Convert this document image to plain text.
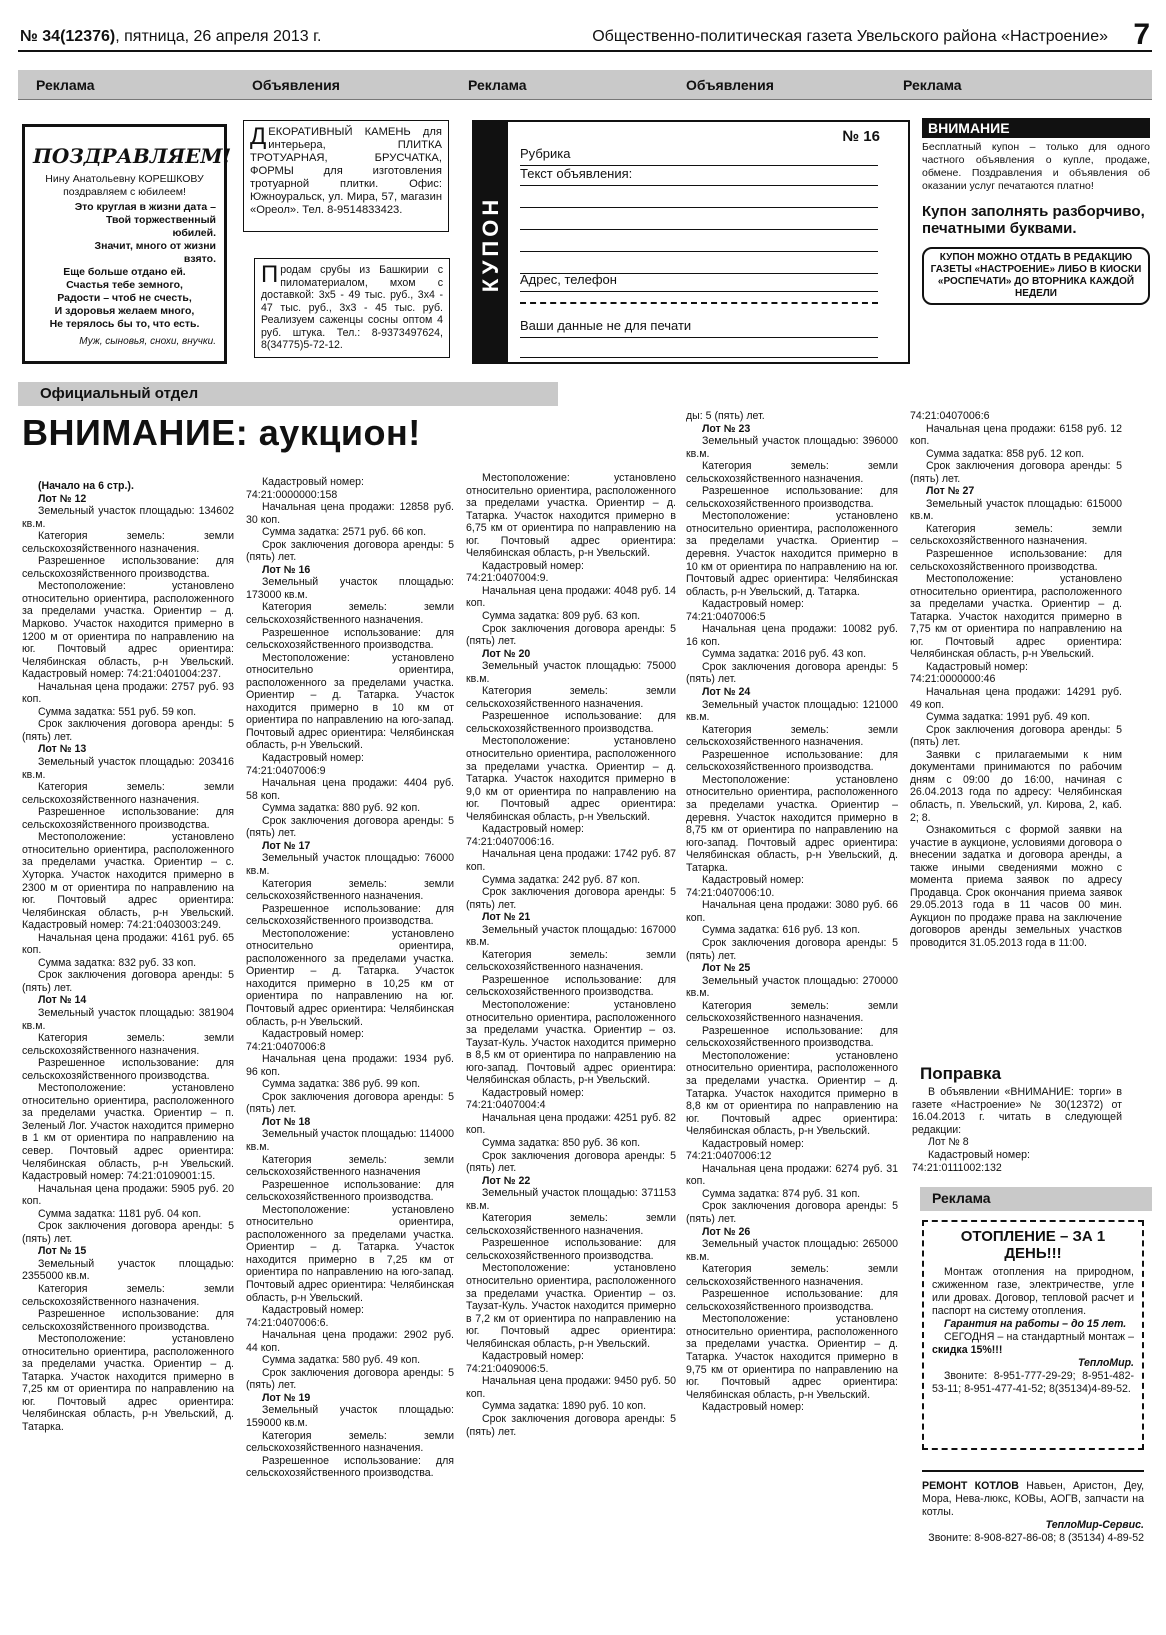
№ 34(12376), пятница, 26 апреля 2013 г.	Общественно-политическая газета Увельского района «Настроение» 7
Реклама	Объявления	Реклама	Объявления	Реклама
ПОЗДРАВЛЯЕМ!

Нину Анатольевну КОРЕШКОВУ поздравляем с юбилеем!

Это круглая в жизни дата –

Твой торжественный

юбилей.

Значит, много от жизни

взято.

Еще больше отдано ей.

Счастья тебе земного,

Радости – чтоб не счесть,

И здоровья желаем много,

Не терялось бы то, что есть.

Муж, сыновья, снохи, внучки.

ДЕКОРАТИВНЫЙ КАМЕНЬ для интерьера, ПЛИТКА ТРОТУАРНАЯ, БРУСЧАТКА, ФОРМЫ для изготовления тротуарной плитки. Офис: Южноуральск, ул. Мира, 57, магазин «Ореол». Тел. 8-9514833423.
Продам срубы из Башкирии с пиломатериалом, мхом с доставкой: 3х5 - 49 тыс. руб., 3х4 - 47 тыс. руб., 3х3 - 45 тыс. руб. Реализуем саженцы сосны оптом 4 руб. штука. Тел.: 8-9373497624, 8(34775)5-72-12.
КУПОН
№ 16
Рубрика
Текст объявления:
Адрес, телефон
Ваши данные не для печати
ВНИМАНИЕ

Бесплатный купон – только для одного частного объявления о купле, продаже, обмене. Поздравления и объявления об оказании услуг печатаются платно!

Купон заполнять разборчиво, печатными буквами.

КУПОН МОЖНО ОТДАТЬ В РЕДАКЦИЮ ГАЗЕТЫ «НАСТРОЕНИЕ» ЛИБО В КИОСКИ «РОСПЕЧАТИ» ДО ВТОРНИКА КАЖДОЙ НЕДЕЛИ
Официальный отдел
ВНИМАНИЕ: аукцион!

(Начало на 6 стр.).

Лот № 12

Земельный участок площадью: 134602 кв.м.

Категория земель: земли сельскохозяйственного назначения.

Разрешенное использование: для сельскохозяйственного производства.

Местоположение: установлено относительно ориентира, расположенного за пределами участка. Ориентир – д. Марково. Участок находится примерно в 1200 м от ориентира по направлению на юг. Почтовый адрес ориентира: Челябинская область, р-н Увельский. Кадастровый номер: 74:21:0401004:237.

Начальная цена продажи: 2757 руб. 93 коп.

Сумма задатка: 551 руб. 59 коп.

Срок заключения договора аренды: 5 (пять) лет.

Лот № 13

Земельный участок площадью: 203416 кв.м.

Категория земель: земли сельскохозяйственного назначения.

Разрешенное использование: для сельскохозяйственного производства.

Местоположение: установлено относительно ориентира, расположенного за пределами участка. Ориентир – с. Хуторка. Участок находится примерно в 2300 м от ориентира по направлению на юг. Почтовый адрес ориентира: Челябинская область, р-н Увельский. Кадастровый номер: 74:21:0403003:249.

Начальная цена продажи: 4161 руб. 65 коп.

Сумма задатка: 832 руб. 33 коп.

Срок заключения договора аренды: 5 (пять) лет.

Лот № 14

Земельный участок площадью: 381904 кв.м.

Категория земель: земли сельскохозяйственного назначения.

Разрешенное использование: для сельскохозяйственного производства.

Местоположение: установлено относительно ориентира, расположенного за пределами участка. Ориентир – п. Зеленый Лог. Участок находится примерно в 1 км от ориентира по направлению на север. Почтовый адрес ориентира: Челябинская область, р-н Увельский. Кадастровый номер: 74:21:0109001:15.

Начальная цена продажи: 5905 руб. 20 коп.

Сумма задатка: 1181 руб. 04 коп.

Срок заключения договора аренды: 5 (пять) лет.

Лот № 15

Земельный участок площадью: 2355000 кв.м.

Категория земель: земли сельскохозяйственного назначения.

Разрешенное использование: для сельскохозяйственного производства.

Местоположение: установлено относительно ориентира, расположенного за пределами участка. Ориентир – д. Татарка. Участок находится примерно в 7,25 км от ориентира по направлению на юг. Почтовый адрес ориентира: Челябинская область, р-н Увельский, д. Татарка.

Кадастровый номер:

74:21:0000000:158

Начальная цена продажи: 12858 руб. 30 коп.

Сумма задатка: 2571 руб. 66 коп.

Срок заключения договора аренды: 5 (пять) лет.

Лот № 16

Земельный участок площадью: 173000 кв.м.

Категория земель: земли сельскохозяйственного назначения.

Разрешенное использование: для сельскохозяйственного производства.

Местоположение: установлено относительно ориентира, расположенного за пределами участка. Ориентир – д. Татарка. Участок находится примерно в 10 км от ориентира по направлению на юго-запад. Почтовый адрес ориентира: Челябинская область, р-н Увельский.

Кадастровый номер:

74:21:0407006:9

Начальная цена продажи: 4404 руб. 58 коп.

Сумма задатка: 880 руб. 92 коп.

Срок заключения договора аренды: 5 (пять) лет.

Лот № 17

Земельный участок площадью: 76000 кв.м.

Категория земель: земли сельскохозяйственного назначения.

Разрешенное использование: для сельскохозяйственного производства.

Местоположение: установлено относительно ориентира, расположенного за пределами участка. Ориентир – д. Татарка. Участок находится примерно в 10,25 км от ориентира по направлению на юг. Почтовый адрес ориентира: Челябинская область, р-н Увельский.

Кадастровый номер:

74:21:0407006:8

Начальная цена продажи: 1934 руб. 96 коп.

Сумма задатка: 386 руб. 99 коп.

Срок заключения договора аренды: 5 (пять) лет.

Лот № 18

Земельный участок площадью: 114000 кв.м.

Категория земель: земли сельскохозяйственного назначения

Разрешенное использование: для сельскохозяйственного производства.

Местоположение: установлено относительно ориентира, расположенного за пределами участка. Ориентир – д. Татарка. Участок находится примерно в 7,25 км от ориентира по направлению на юго-запад. Почтовый адрес ориентира: Челябинская область, р-н Увельский.

Кадастровый номер:

74:21:0407006:6.

Начальная цена продажи: 2902 руб. 44 коп.

Сумма задатка: 580 руб. 49 коп.

Срок заключения договора аренды: 5 (пять) лет.

Лот № 19

Земельный участок площадью: 159000 кв.м.

Категория земель: земли сельскохозяйственного назначения.

Разрешенное использование: для сельскохозяйственного производства.

Местоположение: установлено относительно ориентира, расположенного за пределами участка. Ориентир – д. Татарка. Участок находится примерно в 6,75 км от ориентира по направлению на юг. Почтовый адрес ориентира: Челябинская область, р-н Увельский.

Кадастровый номер:

74:21:0407004:9.

Начальная цена продажи: 4048 руб. 14 коп.

Сумма задатка: 809 руб. 63 коп.

Срок заключения договора аренды: 5 (пять) лет.

Лот № 20

Земельный участок площадью: 75000 кв.м.

Категория земель: земли сельскохозяйственного назначения.

Разрешенное использование: для сельскохозяйственного производства.

Местоположение: установлено относительно ориентира, расположенного за пределами участка. Ориентир – д. Татарка. Участок находится примерно в 9,0 км от ориентира по направлению на юг. Почтовый адрес ориентира: Челябинская область, р-н Увельский.

Кадастровый номер:

74:21:0407006:16.

Начальная цена продажи: 1742 руб. 87 коп.

Сумма задатка: 242 руб. 87 коп.

Срок заключения договора аренды: 5 (пять) лет.

Лот № 21

Земельный участок площадью: 167000 кв.м.

Категория земель: земли сельскохозяйственного назначения.

Разрешенное использование: для сельскохозяйственного производства.

Местоположение: установлено относительно ориентира, расположенного за пределами участка. Ориентир – оз. Таузат-Куль. Участок находится примерно в 8,5 км от ориентира по направлению на юго-запад. Почтовый адрес ориентира: Челябинская область, р-н Увельский.

Кадастровый номер:

74:21:0407004:4

Начальная цена продажи: 4251 руб. 82 коп.

Сумма задатка: 850 руб. 36 коп.

Срок заключения договора аренды: 5 (пять) лет.

Лот № 22

Земельный участок площадью: 371153 кв.м.

Категория земель: земли сельскохозяйственного назначения.

Разрешенное использование: для сельскохозяйственного производства.

Местоположение: установлено относительно ориентира, расположенного за пределами участка. Ориентир – оз. Таузат-Куль. Участок находится примерно в 7,2 км от ориентира по направлению на юг. Почтовый адрес ориентира: Челябинская область, р-н Увельский.

Кадастровый номер:

74:21:0409006:5.

Начальная цена продажи: 9450 руб. 50 коп.

Сумма задатка: 1890 руб. 10 коп.

Срок заключения договора аренды: 5 (пять) лет.

ды: 5 (пять) лет.

Лот № 23

Земельный участок площадью: 396000 кв.м.

Категория земель: земли сельскохозяйственного назначения.

Разрешенное использование: для сельскохозяйственного производства.

Местоположение: установлено относительно ориентира, расположенного за пределами участка. Ориентир – деревня. Участок находится примерно в 10 км от ориентира по направлению на юг. Почтовый адрес ориентира: Челябинская область, р-н Увельский, д. Татарка.

Кадастровый номер:

74:21:0407006:5

Начальная цена продажи: 10082 руб. 16 коп.

Сумма задатка: 2016 руб. 43 коп.

Срок заключения договора аренды: 5 (пять) лет.

Лот № 24

Земельный участок площадью: 121000 кв.м.

Категория земель: земли сельскохозяйственного назначения.

Разрешенное использование: для сельскохозяйственного производства.

Местоположение: установлено относительно ориентира, расположенного за пределами участка. Ориентир – деревня. Участок находится примерно в 8,75 км от ориентира по направлению на юго-запад. Почтовый адрес ориентира: Челябинская область, р-н Увельский, д. Татарка.

Кадастровый номер:

74:21:0407006:10.

Начальная цена продажи: 3080 руб. 66 коп.

Сумма задатка: 616 руб. 13 коп.

Срок заключения договора аренды: 5 (пять) лет.

Лот № 25

Земельный участок площадью: 270000 кв.м.

Категория земель: земли сельскохозяйственного назначения.

Разрешенное использование: для сельскохозяйственного производства.

Местоположение: установлено относительно ориентира, расположенного за пределами участка. Ориентир – д. Татарка. Участок находится примерно в 8,8 км от ориентира по направлению на юг. Почтовый адрес ориентира: Челябинская область, р-н Увельский.

Кадастровый номер:

74:21:0407006:12

Начальная цена продажи: 6274 руб. 31 коп.

Сумма задатка: 874 руб. 31 коп.

Срок заключения договора аренды: 5 (пять) лет.

Лот № 26

Земельный участок площадью: 265000 кв.м.

Категория земель: земли сельскохозяйственного назначения.

Разрешенное использование: для сельскохозяйственного производства.

Местоположение: установлено относительно ориентира, расположенного за пределами участка. Ориентир – д. Татарка. Участок находится примерно в 9,75 км от ориентира по направлению на юг. Почтовый адрес ориентира: Челябинская область, р-н Увельский.

Кадастровый номер:

74:21:0407006:6

Начальная цена продажи: 6158 руб. 12 коп.

Сумма задатка: 858 руб. 12 коп.

Срок заключения договора аренды: 5 (пять) лет.

Лот № 27

Земельный участок площадью: 615000 кв.м.

Категория земель: земли сельскохозяйственного назначения.

Разрешенное использование: для сельскохозяйственного производства.

Местоположение: установлено относительно ориентира, расположенного за пределами участка. Ориентир – д. Татарка. Участок находится примерно в 7,75 км от ориентира по направлению на юг. Почтовый адрес ориентира: Челябинская область, р-н Увельский.

Кадастровый номер:

74:21:0000000:46

Начальная цена продажи: 14291 руб. 49 коп.

Сумма задатка: 1991 руб. 49 коп.

Срок заключения договора аренды: 5 (пять) лет.

Заявки с прилагаемыми к ним документами принимаются по рабочим дням с 09:00 до 16:00, начиная с 26.04.2013 года по адресу: Челябинская область, п. Увельский, ул. Кирова, 2, каб. 2; 8.

Ознакомиться с формой заявки на участие в аукционе, условиями договора о внесении задатка и договора аренды, а также иными сведениями можно с момента приема заявок по адресу Продавца. Срок окончания приема заявок 29.05.2013 года в 11 часов 00 мин. Аукцион по продаже права на заключение договоров аренды земельных участков проводится 31.05.2013 года в 11:00.

Поправка

В объявлении «ВНИМАНИЕ: торги» в газете «Настроение» № 30(12372) от 16.04.2013 г. читать в следующей редакции:

Лот № 8

Кадастровый номер:

74:21:0111002:132

Реклама
ОТОПЛЕНИЕ – ЗА 1 ДЕНЬ!!!

Монтаж отопления на природном, сжиженном газе, электричестве, угле или дровах. Договор, тепловой расчет и паспорт на систему отопления.

Гарантия на работы – до 15 лет.

СЕГОДНЯ – на стандартный монтаж – скидка 15%!!!

ТеплоМир.

Звоните: 8-951-777-29-29; 8-951-482-53-11; 8-951-477-41-52; 8(35134)4-89-52.

РЕМОНТ КОТЛОВ Навьен, Аристон, Деу, Мора, Нева-люкс, КОВы, АОГВ, запчасти на котлы.

ТеплоМир-Сервис.

Звоните: 8-908-827-86-08; 8 (35134) 4-89-52
